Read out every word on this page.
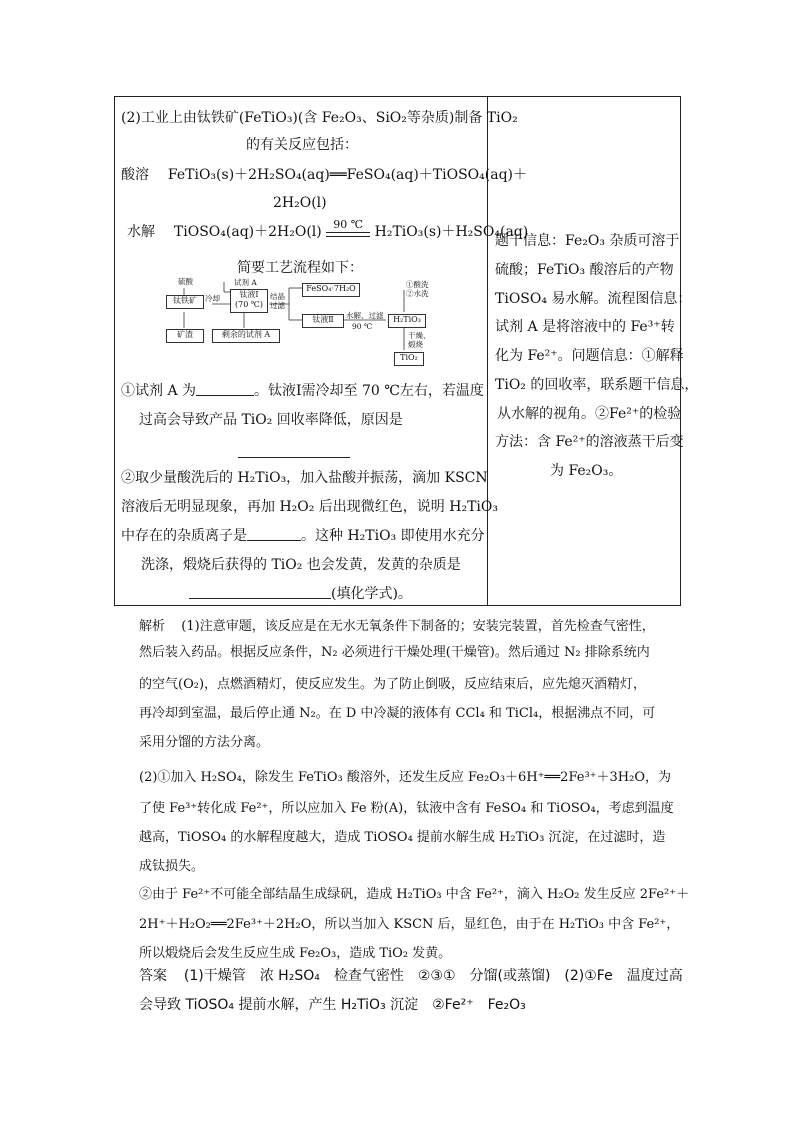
(2)工业上由钛铁矿(FeTiO₃)(含 Fe₂O₃、SiO₂等杂质)制备 TiO₂
的有关反应包括：
酸溶 FeTiO₃(s)＋2H₂SO₄(aq)══FeSO₄(aq)＋TiOSO₄(aq)＋
2H₂O(l)
水解 TiOSO₄(aq)＋2H₂O(l)	90 ℃ H₂TiO₃(s)＋H₂SO₄(aq)
简要工艺流程如下：
硫酸
钛铁矿
试剂 A
冷却	钛液Ⅰ
(70 ℃)
结晶
过滤
FeSO₄·7H₂O
矿渣	剩余的试剂 A
钛液Ⅱ	水解、过滤
90 ℃
①酸洗
②水洗
H₂TiO₃
干燥、
煅烧
TiO₂
①试剂 A 为	。钛液Ⅰ需冷却至 70 ℃左右，若温度
过高会导致产品 TiO₂ 回收率降低，原因是
②取少量酸洗后的 H₂TiO₃，加入盐酸并振荡，滴加 KSCN
溶液后无明显现象，再加 H₂O₂ 后出现微红色，说明 H₂TiO₃
中存在的杂质离子是	。这种 H₂TiO₃ 即使用水充分
洗涤，煅烧后获得的 TiO₂ 也会发黄，发黄的杂质是
(填化学式)。
题干信息：Fe₂O₃ 杂质可溶于
硫酸；FeTiO₃ 酸溶后的产物
TiOSO₄ 易水解。流程图信息：
试剂 A 是将溶液中的 Fe³⁺转
化为 Fe²⁺。问题信息：①解释
TiO₂ 的回收率，联系题干信息，
从水解的视角。②Fe²⁺的检验
方法：含 Fe²⁺的溶液蒸干后变
为 Fe₂O₃。
解析 (1)注意审题，该反应是在无水无氧条件下制备的；安装完装置，首先检查气密性，
然后装入药品。根据反应条件，N₂ 必须进行干燥处理(干燥管)。然后通过 N₂ 排除系统内
的空气(O₂)，点燃酒精灯，使反应发生。为了防止倒吸，反应结束后，应先熄灭酒精灯，
再冷却到室温，最后停止通 N₂。在 D 中冷凝的液体有 CCl₄ 和 TiCl₄，根据沸点不同，可
采用分馏的方法分离。
(2)①加入 H₂SO₄，除发生 FeTiO₃ 酸溶外，还发生反应 Fe₂O₃＋6H⁺══2Fe³⁺＋3H₂O，为
了使 Fe³⁺转化成 Fe²⁺，所以应加入 Fe 粉(A)，钛液中含有 FeSO₄ 和 TiOSO₄，考虑到温度
越高，TiOSO₄ 的水解程度越大，造成 TiOSO₄ 提前水解生成 H₂TiO₃ 沉淀，在过滤时，造
成钛损失。
②由于 Fe²⁺不可能全部结晶生成绿矾，造成 H₂TiO₃ 中含 Fe²⁺，滴入 H₂O₂ 发生反应 2Fe²⁺＋
2H⁺＋H₂O₂══2Fe³⁺＋2H₂O，所以当加入 KSCN 后，显红色，由于在 H₂TiO₃ 中含 Fe²⁺，
所以煅烧后会发生反应生成 Fe₂O₃，造成 TiO₂ 发黄。
答案 (1)干燥管　浓 H₂SO₄　检查气密性　②③①　分馏(或蒸馏)　(2)①Fe　温度过高
会导致 TiOSO₄ 提前水解，产生 H₂TiO₃ 沉淀　②Fe²⁺　Fe₂O₃
